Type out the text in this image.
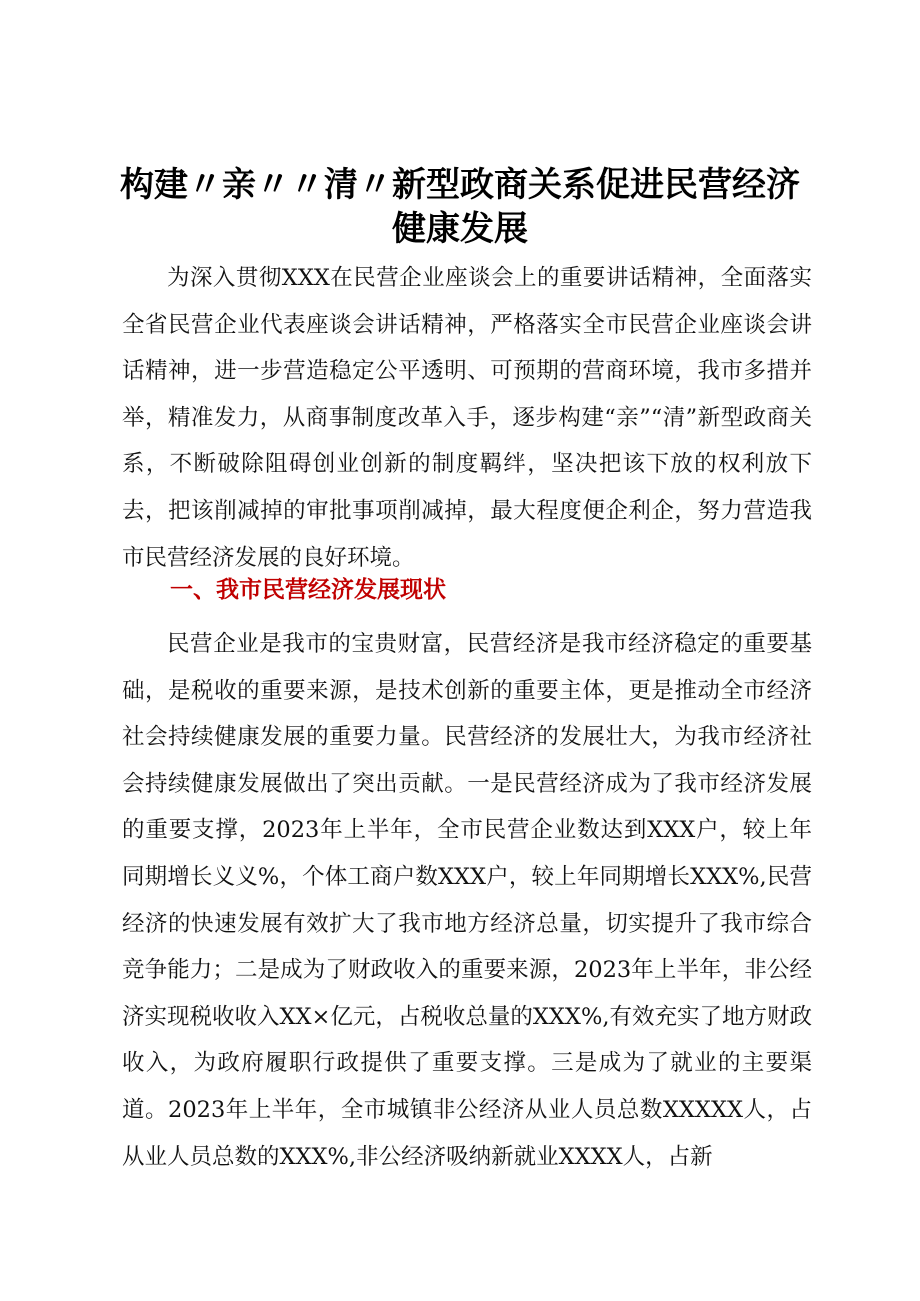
构建〃亲〃〃清〃新型政商关系促进民营经济
健康发展

为深入贯彻XXX在民营企业座谈会上的重要讲话精神，全面落实全省民营企业代表座谈会讲话精神，严格落实全市民营企业座谈会讲话精神，进一步营造稳定公平透明、可预期的营商环境，我市多措并举，精准发力，从商事制度改革入手，逐步构建“亲”“清”新型政商关系，不断破除阻碍创业创新的制度羁绊，坚决把该下放的权利放下去，把该削减掉的审批事项削减掉，最大程度便企利企，努力营造我市民营经济发展的良好环境。

一、我市民营经济发展现状

民营企业是我市的宝贵财富，民营经济是我市经济稳定的重要基础，是税收的重要来源，是技术创新的重要主体，更是推动全市经济社会持续健康发展的重要力量。民营经济的发展壮大，为我市经济社会持续健康发展做出了突出贡献。一是民营经济成为了我市经济发展的重要支撑，2023年上半年，全市民营企业数达到XXX户，较上年同期增长义义%，个体工商户数XXX户，较上年同期增长XXX%,民营经济的快速发展有效扩大了我市地方经济总量，切实提升了我市综合竞争能力；二是成为了财政收入的重要来源，2023年上半年，非公经济实现税收收入XX×亿元，占税收总量的XXX%,有效充实了地方财政收入，为政府履职行政提供了重要支撑。三是成为了就业的主要渠道。2023年上半年，全市城镇非公经济从业人员总数XXXXX人，占从业人员总数的XXX%,非公经济吸纳新就业XXXX人，占新
